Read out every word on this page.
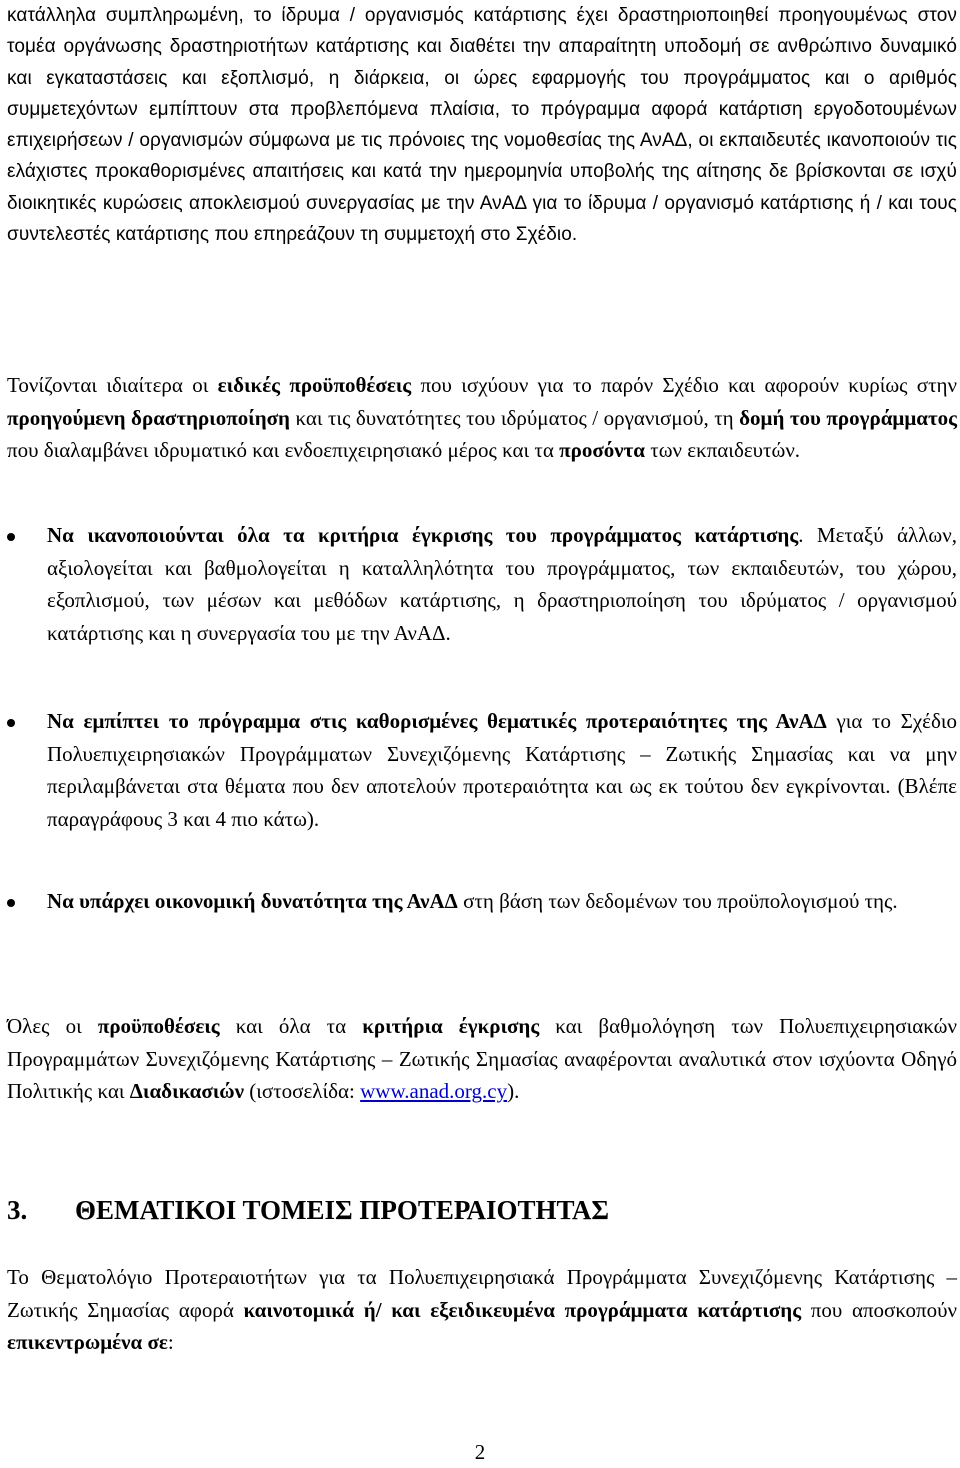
κατάλληλα συμπληρωμένη, το ίδρυμα / οργανισμός κατάρτισης έχει δραστηριοποιηθεί προηγουμένως στον τομέα οργάνωσης δραστηριοτήτων κατάρτισης και διαθέτει την απαραίτητη υποδομή σε ανθρώπινο δυναμικό και εγκαταστάσεις και εξοπλισμό, η διάρκεια, οι ώρες εφαρμογής του προγράμματος και ο αριθμός συμμετεχόντων εμπίπτουν στα προβλεπόμενα πλαίσια, το πρόγραμμα αφορά κατάρτιση εργοδοτουμένων επιχειρήσεων / οργανισμών σύμφωνα με τις πρόνοιες της νομοθεσίας της ΑνΑΔ, οι εκπαιδευτές ικανοποιούν τις ελάχιστες προκαθορισμένες απαιτήσεις και κατά την ημερομηνία υποβολής της αίτησης δε βρίσκονται σε ισχύ διοικητικές κυρώσεις αποκλεισμού συνεργασίας με την ΑνΑΔ για το ίδρυμα / οργανισμό κατάρτισης ή / και τους συντελεστές κατάρτισης που επηρεάζουν τη συμμετοχή στο Σχέδιο.

Τονίζονται ιδιαίτερα οι ειδικές προϋποθέσεις που ισχύουν για το παρόν Σχέδιο και αφορούν κυρίως στην προηγούμενη δραστηριοποίηση και τις δυνατότητες του ιδρύματος / οργανισμού, τη δομή του προγράμματος που διαλαμβάνει ιδρυματικό και ενδοεπιχειρησιακό μέρος και τα προσόντα των εκπαιδευτών.

Να ικανοποιούνται όλα τα κριτήρια έγκρισης του προγράμματος κατάρτισης. Μεταξύ άλλων, αξιολογείται και βαθμολογείται η καταλληλότητα του προγράμματος, των εκπαιδευτών, του χώρου, εξοπλισμού, των μέσων και μεθόδων κατάρτισης, η δραστηριοποίηση του ιδρύματος / οργανισμού κατάρτισης και η συνεργασία του με την ΑνΑΔ.

Να εμπίπτει το πρόγραμμα στις καθορισμένες θεματικές προτεραιότητες της ΑνΑΔ για το Σχέδιο Πολυεπιχειρησιακών Προγράμματων Συνεχιζόμενης Κατάρτισης – Ζωτικής Σημασίας και να μην περιλαμβάνεται στα θέματα που δεν αποτελούν προτεραιότητα και ως εκ τούτου δεν εγκρίνονται. (Βλέπε παραγράφους 3 και 4 πιο κάτω).

Να υπάρχει οικονομική δυνατότητα της ΑνΑΔ στη βάση των δεδομένων του προϋπολογισμού της.

Όλες οι προϋποθέσεις και όλα τα κριτήρια έγκρισης και βαθμολόγηση των Πολυεπιχειρησιακών Προγραμμάτων Συνεχιζόμενης Κατάρτισης – Ζωτικής Σημασίας αναφέρονται αναλυτικά στον ισχύοντα Οδηγό Πολιτικής και Διαδικασιών (ιστοσελίδα: www.anad.org.cy).

3. ΘΕΜΑΤΙΚΟΙ ΤΟΜΕΙΣ ΠΡΟΤΕΡΑΙΟΤΗΤΑΣ

Το Θεματολόγιο Προτεραιοτήτων για τα Πολυεπιχειρησιακά Προγράμματα Συνεχιζόμενης Κατάρτισης – Ζωτικής Σημασίας αφορά καινοτομικά ή/ και εξειδικευμένα προγράμματα κατάρτισης που αποσκοπούν επικεντρωμένα σε:

2
